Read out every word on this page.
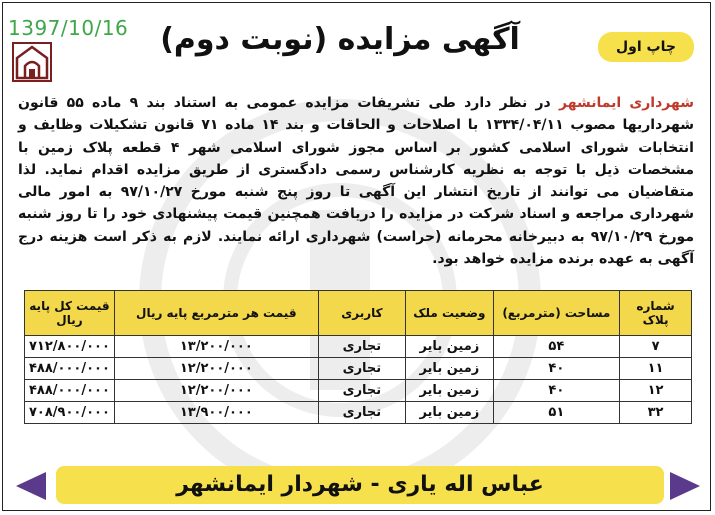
1397/10/16	آگهی مزایده (نوبت دوم)	چاپ اول
شهرداری ایمانشهر در نظر دارد طی تشریفات مزایده عمومی به استناد بند ۹ ماده ۵۵ قانون شهرداریها مصوب ۱۳۳۴/۰۴/۱۱ با اصلاحات و الحاقات و بند ۱۴ ماده ۷۱ قانون تشکیلات وظایف و انتخابات شورای اسلامی کشور بر اساس مجوز شورای اسلامی شهر ۴ قطعه پلاک زمین با مشخصات ذیل با توجه به نظریه کارشناس رسمی دادگستری از طریق مزایده اقدام نماید. لذا متقاضیان می توانند از تاریخ انتشار این آگهی تا روز پنج شنبه مورخ ۹۷/۱۰/۲۷ به امور مالی شهرداری مراجعه و اسناد شرکت در مزایده را دریافت همچنین قیمت پیشنهادی خود را تا روز شنبه مورخ ۹۷/۱۰/۲۹ به دبیرخانه محرمانه (حراست) شهرداری ارائه نمایند. لازم به ذکر است هزینه درج آگهی به عهده برنده مزایده خواهد بود.
شماره پلاک	مساحت (مترمربع)	وضعیت ملک	کاربری	قیمت هر مترمربع پایه ریال	قیمت کل پایه ریال
۷	۵۴	زمین بایر	تجاری	۱۳/۲۰۰/۰۰۰	۷۱۲/۸۰۰/۰۰۰
۱۱	۴۰	زمین بایر	تجاری	۱۲/۲۰۰/۰۰۰	۴۸۸/۰۰۰/۰۰۰
۱۲	۴۰	زمین بایر	تجاری	۱۲/۲۰۰/۰۰۰	۴۸۸/۰۰۰/۰۰۰
۳۲	۵۱	زمین بایر	تجاری	۱۳/۹۰۰/۰۰۰	۷۰۸/۹۰۰/۰۰۰
عباس اله یاری - شهردار ایمانشهر
